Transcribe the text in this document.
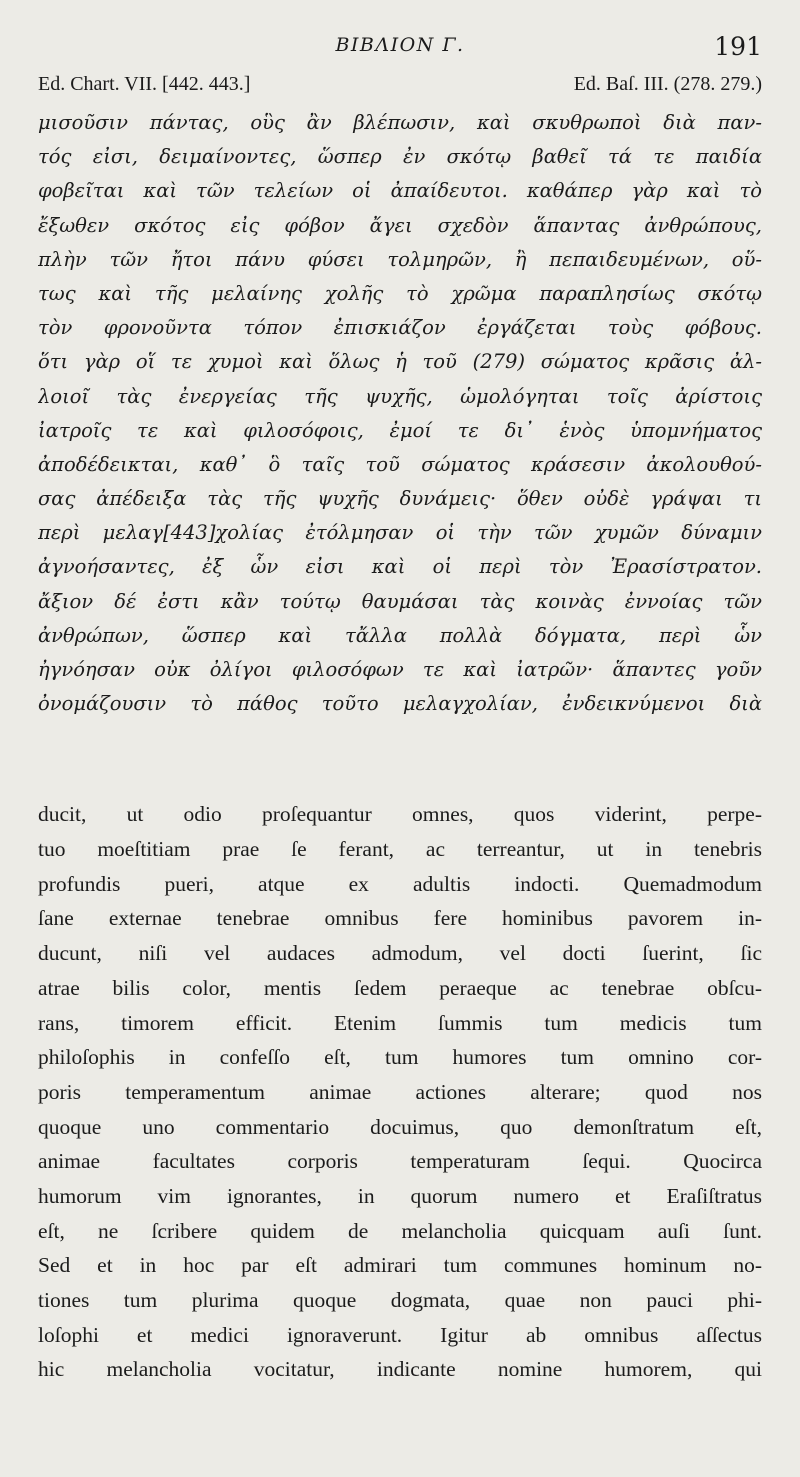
ΒΙΒΛΙΟΝ Γ.	191
Ed. Chart. VII. [442. 443.]	Ed. Baſ. III. (278. 279.)
μισοῦσιν πάντας, οὓς ἂν βλέπωσιν, καὶ σκυθρωποὶ διὰ παν-
τός εἰσι, δειμαίνοντες, ὥσπερ ἐν σκότῳ βαθεῖ τά τε παιδία
φοβεῖται καὶ τῶν τελείων οἱ ἀπαίδευτοι. καθάπερ γὰρ καὶ τὸ
ἔξωθεν σκότος εἰς φόβον ἄγει σχεδὸν ἅπαντας ἀνθρώπους,
πλὴν τῶν ἤτοι πάνυ φύσει τολμηρῶν, ἢ πεπαιδευμένων, οὕ-
τως καὶ τῆς μελαίνης χολῆς τὸ χρῶμα παραπλησίως σκότῳ
τὸν φρονοῦντα τόπον ἐπισκιάζον ἐργάζεται τοὺς φόβους.
ὅτι γὰρ οἵ τε χυμοὶ καὶ ὅλως ἡ τοῦ (279) σώματος κρᾶσις ἀλ-
λοιοῖ τὰς ἐνεργείας τῆς ψυχῆς, ὡμολόγηται τοῖς ἀρίστοις
ἰατροῖς τε καὶ φιλοσόφοις, ἐμοί τε δι᾿ ἑνὸς ὑπομνήματος
ἀποδέδεικται, καθ᾿ ὃ ταῖς τοῦ σώματος κράσεσιν ἀκολουθού-
σας ἀπέδειξα τὰς τῆς ψυχῆς δυνάμεις· ὅθεν οὐδὲ γράψαι τι
περὶ μελαγ[443]χολίας ἐτόλμησαν οἱ τὴν τῶν χυμῶν δύναμιν
ἀγνοήσαντες, ἐξ ὧν εἰσι καὶ οἱ περὶ τὸν Ἐρασίστρατον.
ἄξιον δέ ἐστι κἂν τούτῳ θαυμάσαι τὰς κοινὰς ἐννοίας τῶν
ἀνθρώπων, ὥσπερ καὶ τἄλλα πολλὰ δόγματα, περὶ ὧν
ἠγνόησαν οὐκ ὀλίγοι φιλοσόφων τε καὶ ἰατρῶν· ἅπαντες γοῦν
ὀνομάζουσιν τὸ πάθος τοῦτο μελαγχολίαν, ἐνδεικνύμενοι διὰ
ducit, ut odio proſequantur omnes, quos viderint, perpe-
tuo moeſtitiam prae ſe ferant, ac terreantur, ut in tenebris
profundis pueri, atque ex adultis indocti. Quemadmodum
ſane externae tenebrae omnibus fere hominibus pavorem in-
ducunt, niſi vel audaces admodum, vel docti ſuerint, ſic
atrae bilis color, mentis ſedem peraeque ac tenebrae obſcu-
rans, timorem efficit. Etenim ſummis tum medicis tum
philoſophis in confeſſo eſt, tum humores tum omnino cor-
poris temperamentum animae actiones alterare; quod nos
quoque uno commentario docuimus, quo demonſtratum eſt,
animae facultates corporis temperaturam ſequi. Quocirca
humorum vim ignorantes, in quorum numero et Eraſiſtratus
eſt, ne ſcribere quidem de melancholia quicquam auſi ſunt.
Sed et in hoc par eſt admirari tum communes hominum no-
tiones tum plurima quoque dogmata, quae non pauci phi-
loſophi et medici ignoraverunt. Igitur ab omnibus aſſectus
hic melancholia vocitatur, indicante nomine humorem, qui
